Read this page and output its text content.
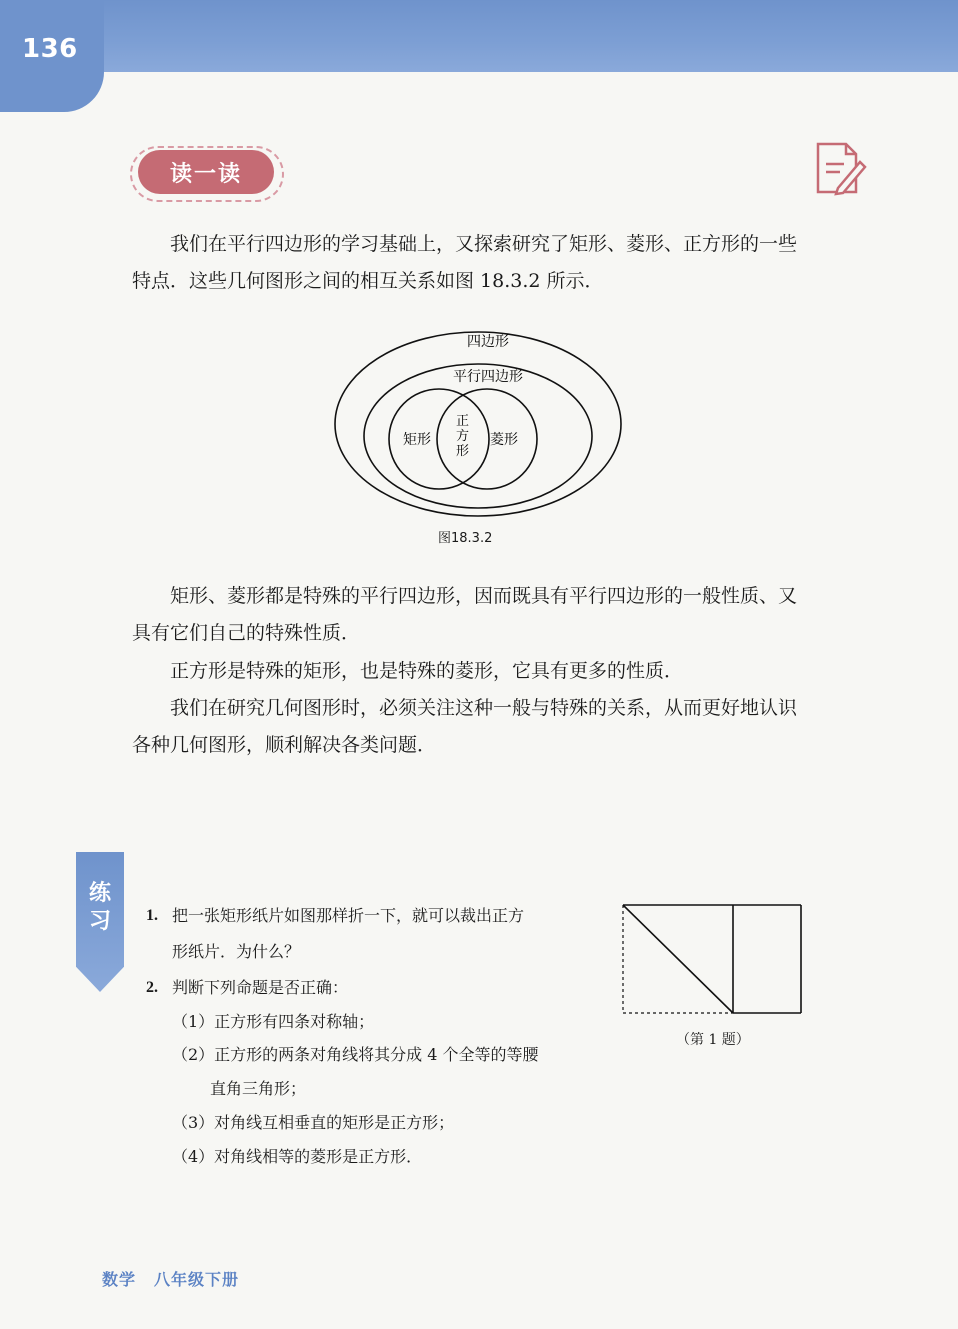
136
读一读

我们在平行四边形的学习基础上，又探索研究了矩形、菱形、正方形的一些特点．这些几何图形之间的相互关系如图 18.3.2 所示．

四边形
平行四边形
矩形	菱形
正
方
形
图18.3.2

矩形、菱形都是特殊的平行四边形，因而既具有平行四边形的一般性质、又具有它们自己的特殊性质．

正方形是特殊的矩形，也是特殊的菱形，它具有更多的性质．

我们在研究几何图形时，必须关注这种一般与特殊的关系，从而更好地认识各种几何图形，顺利解决各类问题．

练
习	1. 把一张矩形纸片如图那样折一下，就可以裁出正方
形纸片．为什么？
2. 判断下列命题是否正确：
（1）正方形有四条对称轴；
（2）正方形的两条对角线将其分成 4 个全等的等腰
直角三角形；
（3）对角线互相垂直的矩形是正方形；
（4）对角线相等的菱形是正方形．
（第 1 题）
数学 八年级下册
